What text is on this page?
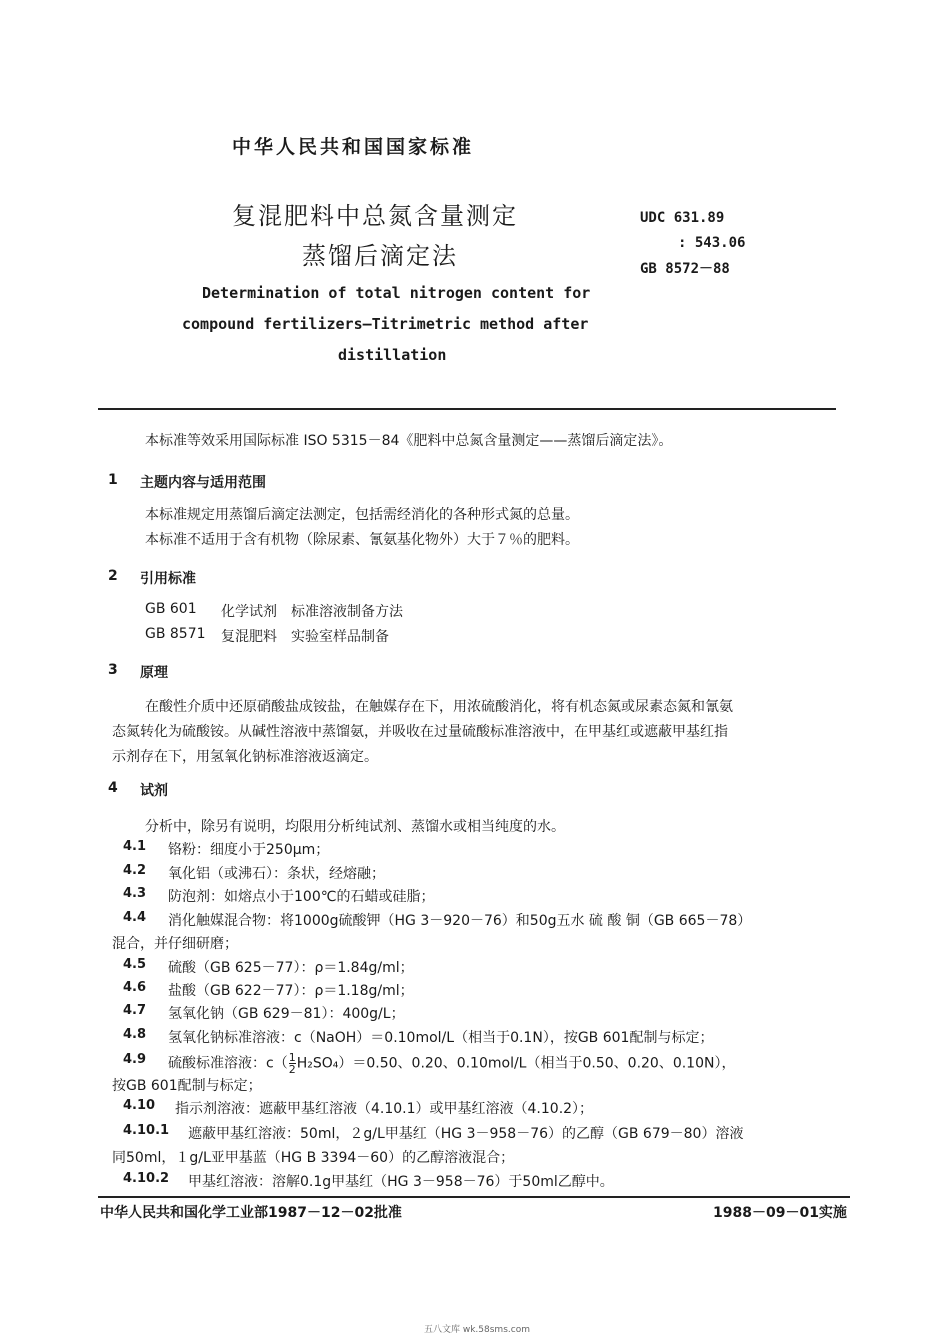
中华人民共和国国家标准
复混肥料中总氮含量测定
蒸馏后滴定法
UDC 631.89
: 543.06
GB 8572－88
Determination of total nitrogen content for
compound fertilizers—Titrimetric method after
distillation
本标准等效采用国际标准 ISO 5315－84《肥料中总氮含量测定——蒸馏后滴定法》。
1 主题内容与适用范围
本标准规定用蒸馏后滴定法测定，包括需经消化的各种形式氮的总量。
本标准不适用于含有机物（除尿素、氰氨基化物外）大于７％的肥料。
2 引用标准
GB 601 化学试剂　标准溶液制备方法
GB 8571 复混肥料　实验室样品制备
3 原理
在酸性介质中还原硝酸盐成铵盐，在触媒存在下，用浓硫酸消化，将有机态氮或尿素态氮和氰氨
态氮转化为硫酸铵。从碱性溶液中蒸馏氨，并吸收在过量硫酸标准溶液中，在甲基红或遮蔽甲基红指
示剂存在下，用氢氧化钠标准溶液返滴定。
4 试剂
分析中，除另有说明，均限用分析纯试剂、蒸馏水或相当纯度的水。
4.1 铬粉：细度小于250μm；
4.2 氧化铝（或沸石）：条状，经熔融；
4.3 防泡剂：如熔点小于100℃的石蜡或硅脂；
4.4 消化触媒混合物：将1000g硫酸钾（HG 3－920－76）和50g五水 硫 酸 铜（GB 665－78）
混合，并仔细研磨；
4.5 硫酸（GB 625－77）：ρ＝1.84g/ml；
4.6 盐酸（GB 622－77）：ρ＝1.18g/ml；
4.7 氢氧化钠（GB 629－81）：400g/L；
4.8 氢氧化钠标准溶液：c（NaOH）＝0.10mol/L（相当于0.1N），按GB 601配制与标定；
4.9 硫酸标准溶液：$c( \frac{1}{2} H_2SO_4)=0.50$、0.20、0.10mol/L（相当于0.50、0.20、0.10N），
按GB 601配制与标定；
4.10 指示剂溶液：遮蔽甲基红溶液（4.10.1）或甲基红溶液（4.10.2）；
4.10.1 遮蔽甲基红溶液：50ml，２g/L甲基红（HG 3－958－76）的乙醇（GB 679－80）溶液
同50ml，１g/L亚甲基蓝（HG B 3394－60）的乙醇溶液混合；
4.10.2 甲基红溶液：溶解0.1g甲基红（HG 3－958－76）于50ml乙醇中。
中华人民共和国化学工业部1987－12－02批准	1988－09－01实施
五八文库 wk.58sms.com
